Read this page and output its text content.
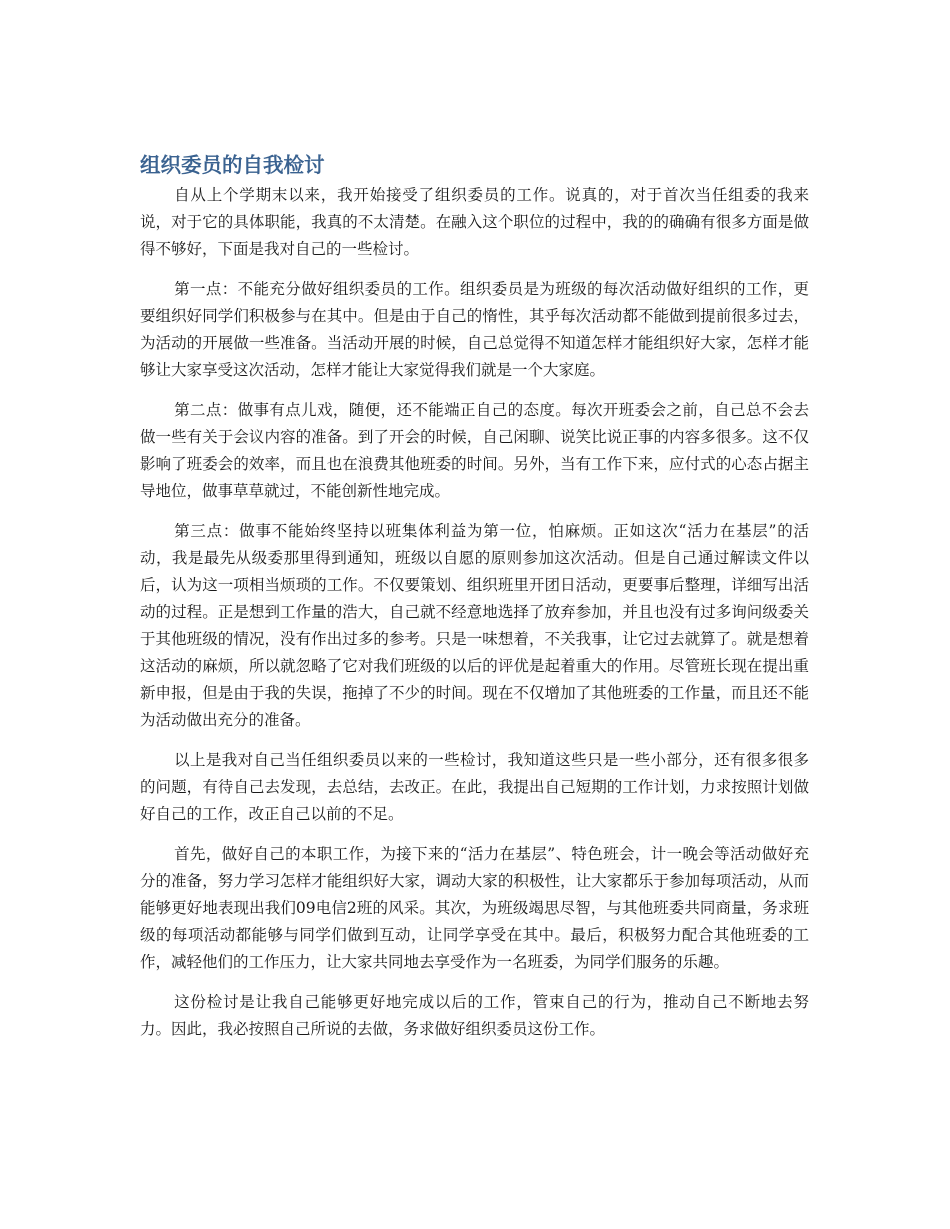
组织委员的自我检讨

自从上个学期末以来，我开始接受了组织委员的工作。说真的，对于首次当任组委的我来说，对于它的具体职能，我真的不太清楚。在融入这个职位的过程中，我的的确确有很多方面是做得不够好，下面是我对自己的一些检讨。

第一点：不能充分做好组织委员的工作。组织委员是为班级的每次活动做好组织的工作，更要组织好同学们积极参与在其中。但是由于自己的惰性，其乎每次活动都不能做到提前很多过去，为活动的开展做一些准备。当活动开展的时候，自己总觉得不知道怎样才能组织好大家，怎样才能够让大家享受这次活动，怎样才能让大家觉得我们就是一个大家庭。

第二点：做事有点儿戏，随便，还不能端正自己的态度。每次开班委会之前，自己总不会去做一些有关于会议内容的准备。到了开会的时候，自己闲聊、说笑比说正事的内容多很多。这不仅影响了班委会的效率，而且也在浪费其他班委的时间。另外，当有工作下来，应付式的心态占据主导地位，做事草草就过，不能创新性地完成。

第三点：做事不能始终坚持以班集体利益为第一位，怕麻烦。正如这次“活力在基层”的活动，我是最先从级委那里得到通知，班级以自愿的原则参加这次活动。但是自己通过解读文件以后，认为这一项相当烦琐的工作。不仅要策划、组织班里开团日活动，更要事后整理，详细写出活动的过程。正是想到工作量的浩大，自己就不经意地选择了放弃参加，并且也没有过多询问级委关于其他班级的情况，没有作出过多的参考。只是一味想着，不关我事，让它过去就算了。就是想着这活动的麻烦，所以就忽略了它对我们班级的以后的评优是起着重大的作用。尽管班长现在提出重新申报，但是由于我的失误，拖掉了不少的时间。现在不仅增加了其他班委的工作量，而且还不能为活动做出充分的准备。

以上是我对自己当任组织委员以来的一些检讨，我知道这些只是一些小部分，还有很多很多的问题，有待自己去发现，去总结，去改正。在此，我提出自己短期的工作计划，力求按照计划做好自己的工作，改正自己以前的不足。

首先，做好自己的本职工作，为接下来的“活力在基层”、特色班会，计一晚会等活动做好充分的准备，努力学习怎样才能组织好大家，调动大家的积极性，让大家都乐于参加每项活动，从而能够更好地表现出我们09电信2班的风采。其次，为班级竭思尽智，与其他班委共同商量，务求班级的每项活动都能够与同学们做到互动，让同学享受在其中。最后，积极努力配合其他班委的工作，减轻他们的工作压力，让大家共同地去享受作为一名班委，为同学们服务的乐趣。

这份检讨是让我自己能够更好地完成以后的工作，管束自己的行为，推动自己不断地去努力。因此，我必按照自己所说的去做，务求做好组织委员这份工作。
